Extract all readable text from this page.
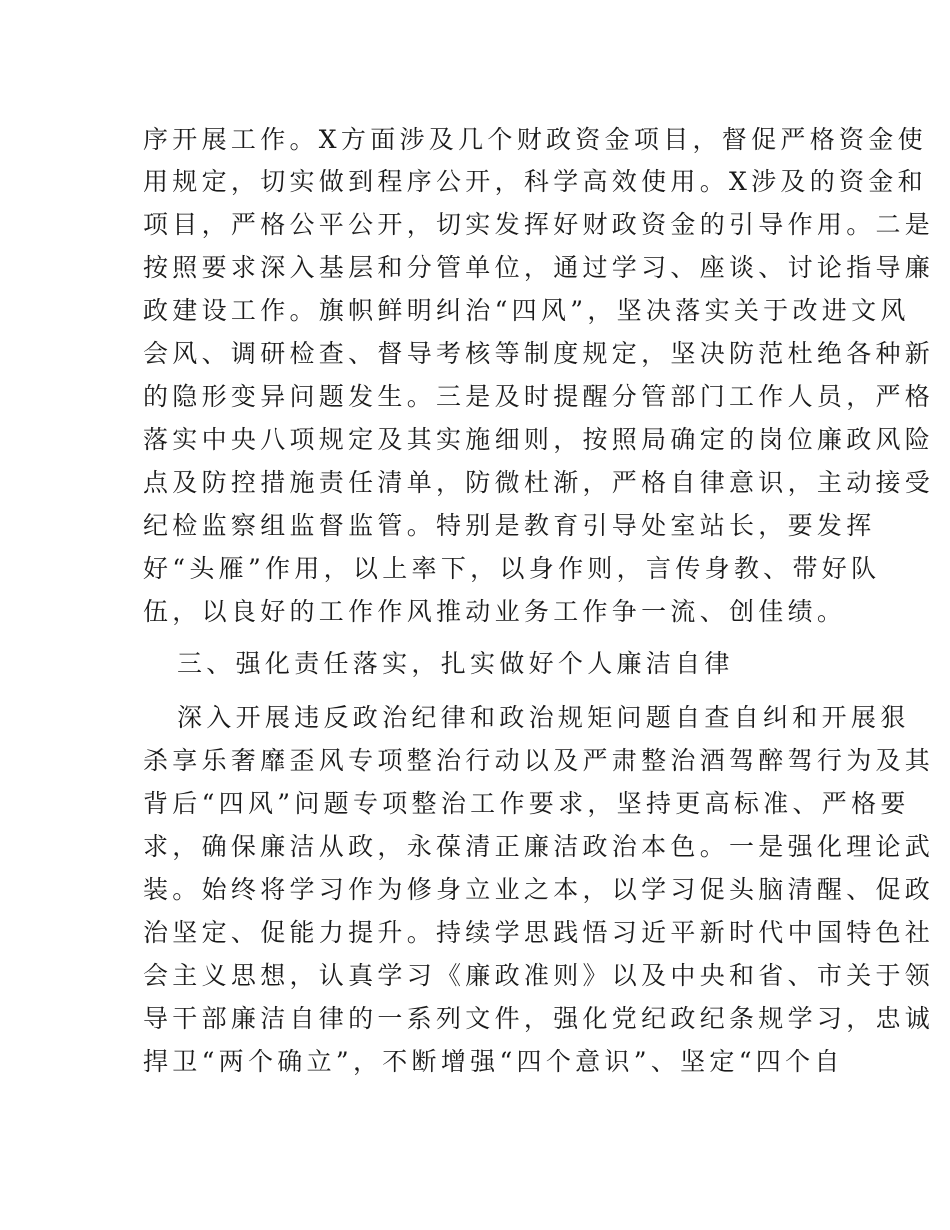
序开展工作。X方面涉及几个财政资金项目，督促严格资金使
用规定，切实做到程序公开，科学高效使用。X涉及的资金和
项目，严格公平公开，切实发挥好财政资金的引导作用。二是
按照要求深入基层和分管单位，通过学习、座谈、讨论指导廉
政建设工作。旗帜鲜明纠治“四风”，坚决落实关于改进文风
会风、调研检查、督导考核等制度规定，坚决防范杜绝各种新
的隐形变异问题发生。三是及时提醒分管部门工作人员，严格
落实中央八项规定及其实施细则，按照局确定的岗位廉政风险
点及防控措施责任清单，防微杜渐，严格自律意识，主动接受
纪检监察组监督监管。特别是教育引导处室站长，要发挥
好“头雁”作用，以上率下，以身作则，言传身教、带好队
伍，以良好的工作作风推动业务工作争一流、创佳绩。
三、强化责任落实，扎实做好个人廉洁自律
深入开展违反政治纪律和政治规矩问题自查自纠和开展狠
杀享乐奢靡歪风专项整治行动以及严肃整治酒驾醉驾行为及其
背后“四风”问题专项整治工作要求，坚持更高标准、严格要
求，确保廉洁从政，永葆清正廉洁政治本色。一是强化理论武
装。始终将学习作为修身立业之本，以学习促头脑清醒、促政
治坚定、促能力提升。持续学思践悟习近平新时代中国特色社
会主义思想，认真学习《廉政准则》以及中央和省、市关于领
导干部廉洁自律的一系列文件，强化党纪政纪条规学习，忠诚
捍卫“两个确立”，不断增强“四个意识”、坚定“四个自
